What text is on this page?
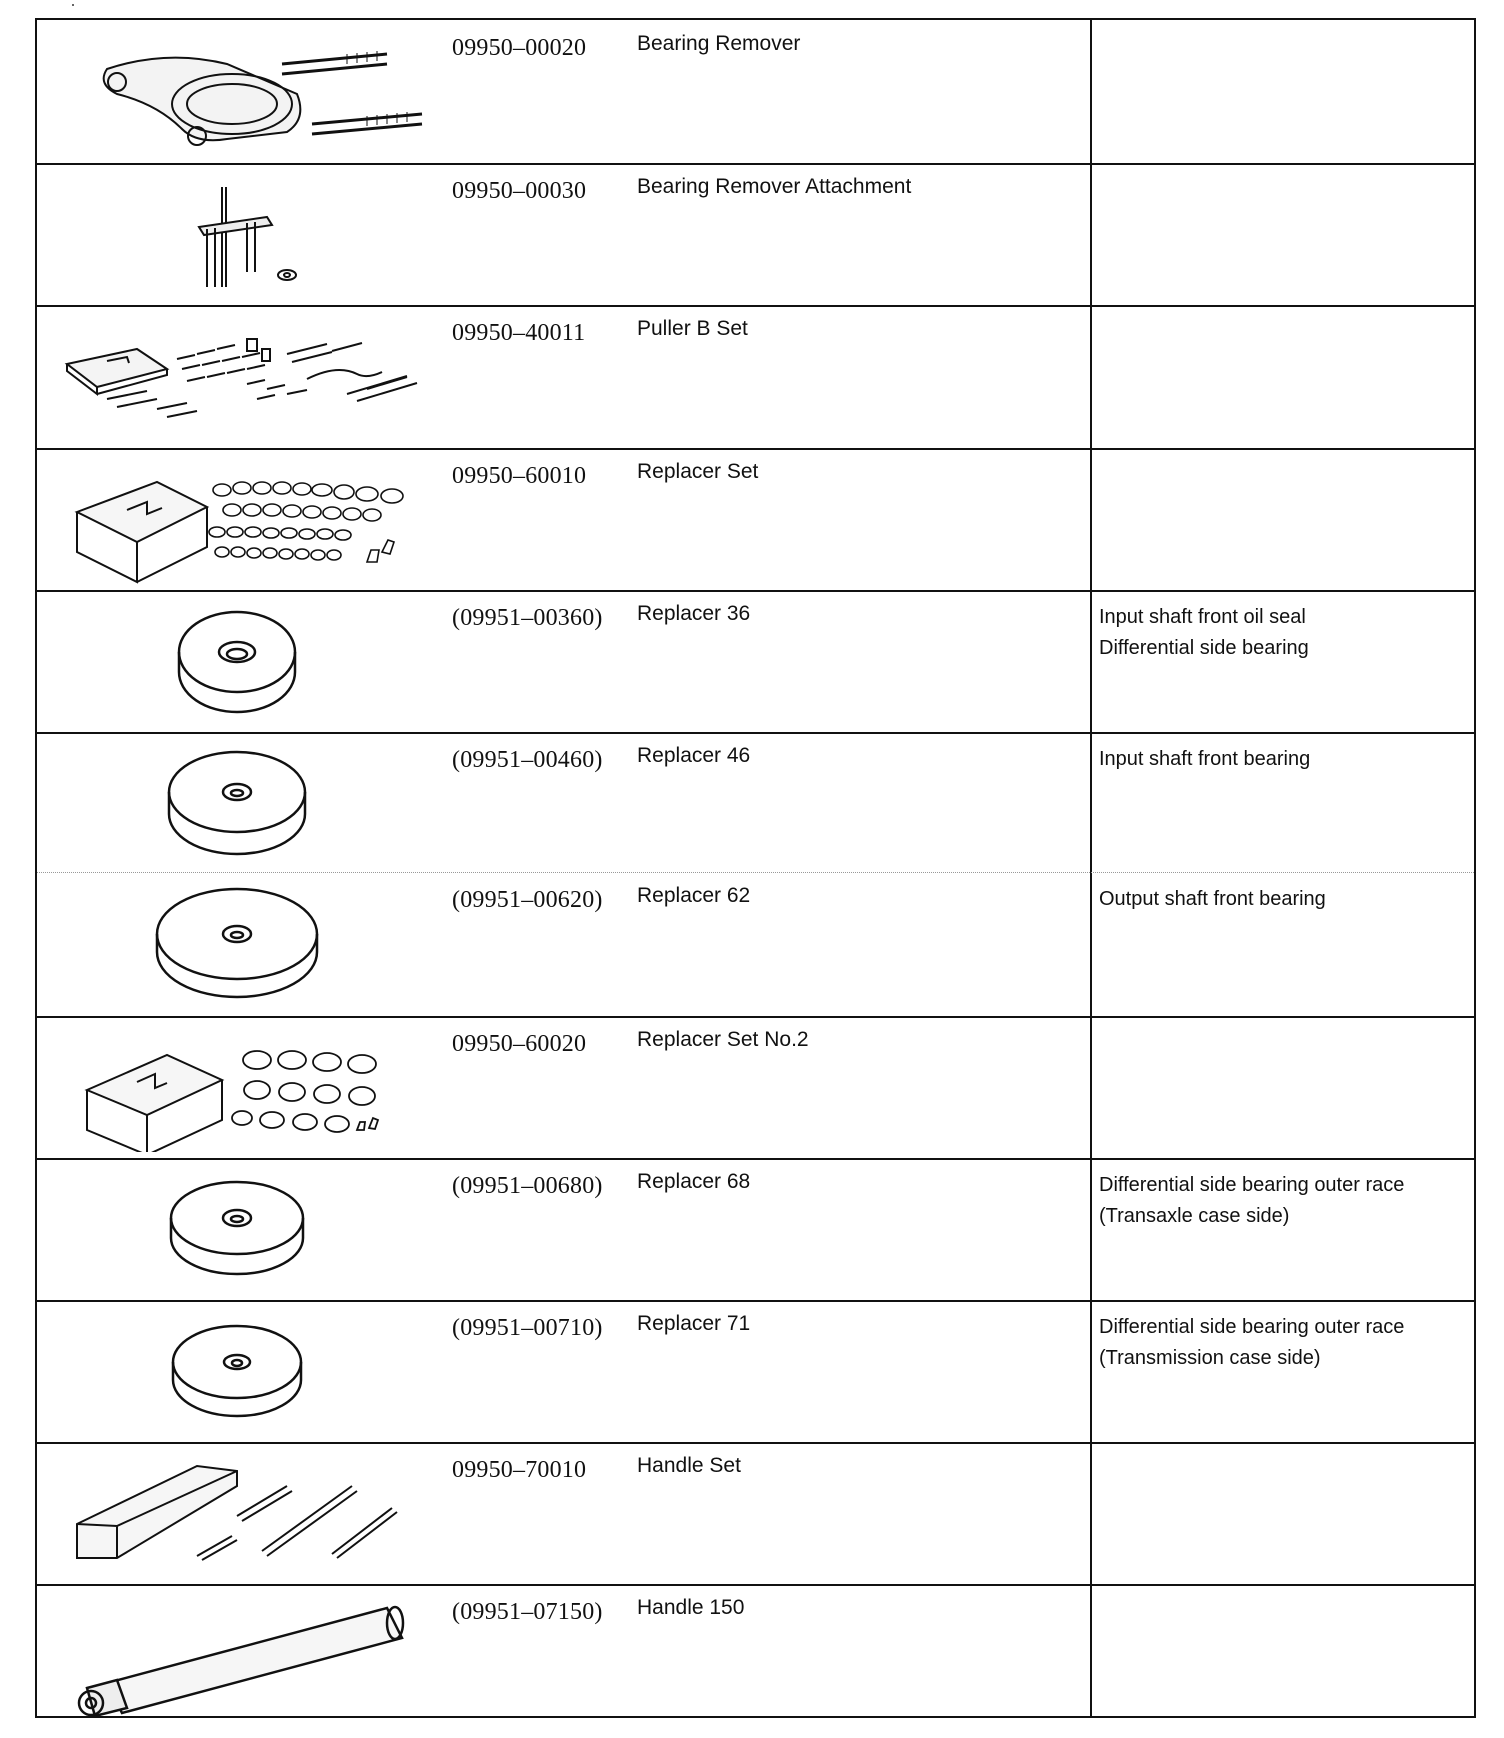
09950–00020 Bearing Remover
09950–00030 Bearing Remover Attachment
09950–40011 Puller B Set
09950–60010 Replacer Set
(09951–00360) Replacer 36	Input shaft front oil seal
Differential side bearing
(09951–00460) Replacer 46	Input shaft front bearing
(09951–00620) Replacer 62	Output shaft front bearing
09950–60020 Replacer Set No.2
(09951–00680) Replacer 68	Differential side bearing outer race
(Transaxle case side)
(09951–00710) Replacer 71	Differential side bearing outer race
(Transmission case side)
09950–70010 Handle Set
(09951–07150) Handle 150
